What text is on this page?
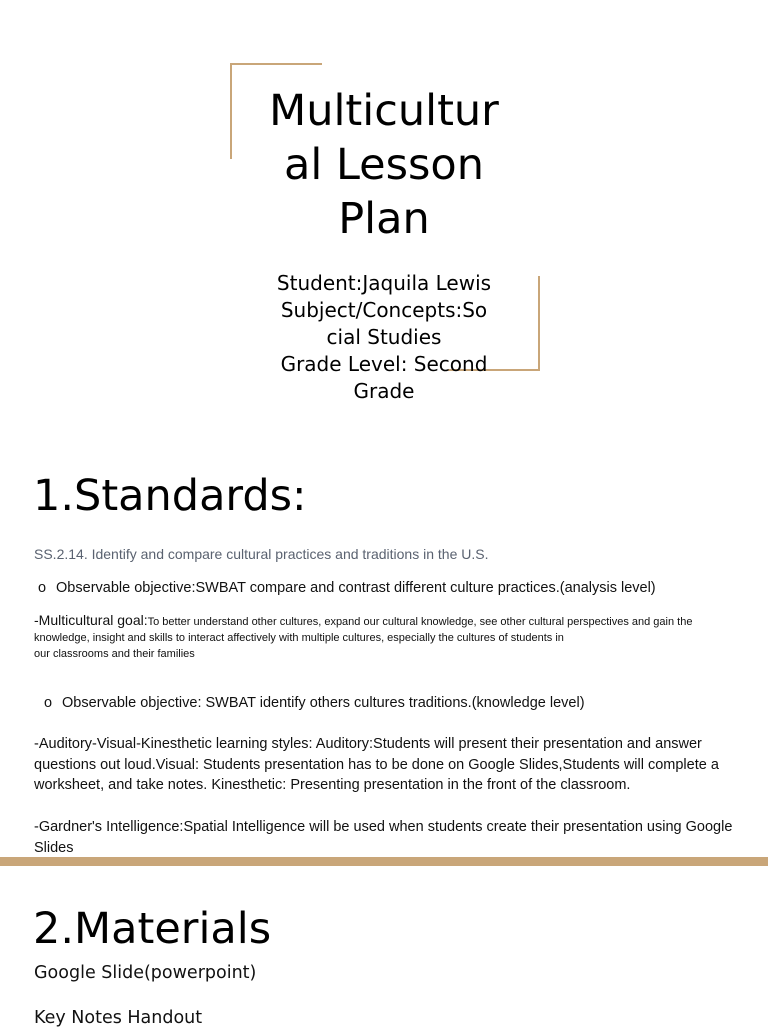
Multicultur
al Lesson
Plan
Student:Jaquila Lewis
Subject/Concepts:So
cial Studies
Grade Level: Second
Grade
1.Standards:
SS.2.14. Identify and compare cultural practices and traditions in the U.S.
o Observable objective:SWBAT compare and contrast different culture practices.(analysis level)
-Multicultural goal:To better understand other cultures, expand our cultural knowledge, see other cultural perspectives and gain the
knowledge, insight and skills to interact affectively with multiple cultures, especially the cultures of students in
our classrooms and their families
o Observable objective: SWBAT identify others cultures traditions.(knowledge level)
-Auditory-Visual-Kinesthetic learning styles: Auditory:Students will present their presentation and answer questions out loud.Visual: Students presentation has to be done on Google Slides,Students will complete a worksheet, and take notes. Kinesthetic: Presenting presentation in the front of the classroom.
-Gardner's Intelligence:Spatial Intelligence will be used when students create their presentation using Google Slides
2.Materials
Google Slide(powerpoint)
Key Notes Handout
